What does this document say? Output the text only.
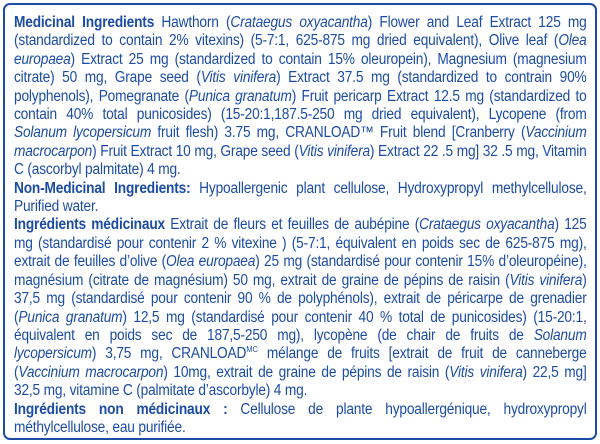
Medicinal Ingredients Hawthorn (Crataegus oxyacantha) Flower and Leaf Extract 125 mg (standardized to contain 2% vitexins) (5-7:1, 625-875 mg dried equivalent), Olive leaf (Olea europaea) Extract 25 mg (standardized to contain 15% oleuropein), Magnesium (magnesium citrate) 50 mg, Grape seed (Vitis vinifera) Extract 37.5 mg (standardized to contrain 90% polyphenols), Pomegranate (Punica granatum) Fruit pericarp Extract 12.5 mg (standardized to contain 40% total punicosides) (15-20:1,187.5-250 mg dried equivalent), Lycopene (from Solanum lycopersicum fruit flesh) 3.75 mg, CRANLOAD™ Fruit blend [Cranberry (Vaccinium macrocarpon) Fruit Extract 10 mg, Grape seed (Vitis vinifera) Extract 22 .5 mg] 32 .5 mg, Vitamin C (ascorbyl palmitate) 4 mg.

Non-Medicinal Ingredients: Hypoallergenic plant cellulose, Hydroxypropyl methylcellulose, Purified water.

Ingrédients médicinaux Extrait de fleurs et feuilles de aubépine (Crataegus oxyacantha) 125 mg (standardisé pour contenir 2 % vitexine ) (5-7:1, équivalent en poids sec de 625-875 mg), extrait de feuilles d’olive (Olea europaea) 25 mg (standardisé pour contenir 15% d’oleuropéine), magnésium (citrate de magnésium) 50 mg, extrait de graine de pépins de raisin (Vitis vinifera) 37,5 mg (standardisé pour contenir 90 % de polyphénols), extrait de péricarpe de grenadier (Punica granatum) 12,5 mg (standardisé pour contenir 40 % total de punicosides) (15-20:1, équivalent en poids sec de 187,5-250 mg), lycopène (de chair de fruits de Solanum lycopersicum) 3,75 mg, $CRANLOAD^{MC}$ mélange de fruits [extrait de fruit de canneberge (Vaccinium macrocarpon) 10mg, extrait de graine de pépins de raisin (Vitis vinifera) 22,5 mg] 32,5 mg, vitamine C (palmitate d’ascorbyle) 4 mg.

Ingrédients non médicinaux : Cellulose de plante hypoallergénique, hydroxypropyl méthylcellulose, eau purifiée.
